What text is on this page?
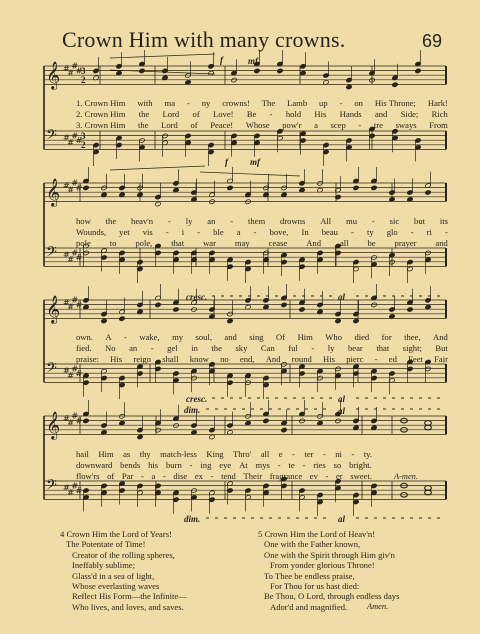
Crown Him with many crowns.	69
𝄞 #
#
#
#
3
2
𝄢 #
#
#
#
3
2
𝄞 #
#
#
#
𝄢 #
#
#
#
𝄞 #
#
#
#
𝄢 #
#
#
#
𝄞 #
#
#
#
𝄢 #
#
#
#
f	mf
1. Crown Him with ma - ny crowns! The Lamb up - on His Throne; Hark!
2. Crown Him the Lord of Love! Be - hold His Hands and Side; Rich
3. Crown Him the Lord of Peace! Whose pow'r a scep - tre sways From
f mf
how the heav'n - ly an - them drowns All mu - sic but its
Wounds, yet vis - i - ble a - bove, In beau - ty glo - ri -
pole to pole, that war may cease And all be prayer and
cresc.	al
own. A - wake, my soul, and sing Of Him Who died for thee, And
fied. No an - gel in the sky Can ful - ly bear that sight; But
praise: His reign shall know no end, And round His pierc - ed Feet Fair
cresc.	al
dim.	al
hail Him as thy match-less King Thro' all e - ter - ni - ty.
downward bends his burn - ing eye At mys - te - ries so bright.
flow'rs of Par - a - dise ex - tend Their fragrance ev - er sweet.	A-men.
dim.	al
4 Crown Him the Lord of Years!
The Potentate of Time!
Creator of the rolling spheres,
Ineffably sublime;
Glass'd in a sea of light,
Whose everlasting waves
Reflect His Form—the Infinite—
Who lives, and loves, and saves.
5 Crown Him the Lord of Heav'n!
One with the Father known,
One with the Spirit through Him giv'n
From yonder glorious Throne!
To Thee be endless praise,
For Thou for us hast died:
Be Thou, O Lord, through endless days
Ador'd and magnified.	Amen.
